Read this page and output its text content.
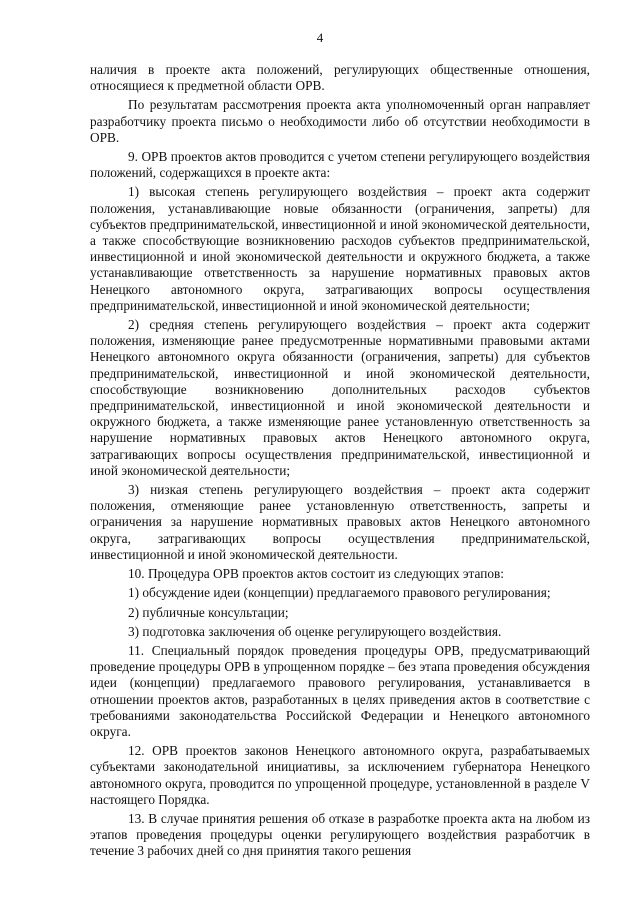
4

наличия в проекте акта положений, регулирующих общественные отношения, относящиеся к предметной области ОРВ.

По результатам рассмотрения проекта акта уполномоченный орган направляет разработчику проекта письмо о необходимости либо об отсутствии необходимости в ОРВ.

9. ОРВ проектов актов проводится с учетом степени регулирующего воздействия положений, содержащихся в проекте акта:

1) высокая степень регулирующего воздействия – проект акта содержит положения, устанавливающие новые обязанности (ограничения, запреты) для субъектов предпринимательской, инвестиционной и иной экономической деятельности, а также способствующие возникновению расходов субъектов предпринимательской, инвестиционной и иной экономической деятельности и окружного бюджета, а также устанавливающие ответственность за нарушение нормативных правовых актов Ненецкого автономного округа, затрагивающих вопросы осуществления предпринимательской, инвестиционной и иной экономической деятельности;

2) средняя степень регулирующего воздействия – проект акта содержит положения, изменяющие ранее предусмотренные нормативными правовыми актами Ненецкого автономного округа обязанности (ограничения, запреты) для субъектов предпринимательской, инвестиционной и иной экономической деятельности, способствующие возникновению дополнительных расходов субъектов предпринимательской, инвестиционной и иной экономической деятельности и окружного бюджета, а также изменяющие ранее установленную ответственность за нарушение нормативных правовых актов Ненецкого автономного округа, затрагивающих вопросы осуществления предпринимательской, инвестиционной и иной экономической деятельности;

3) низкая степень регулирующего воздействия – проект акта содержит положения, отменяющие ранее установленную ответственность, запреты и ограничения за нарушение нормативных правовых актов Ненецкого автономного округа, затрагивающих вопросы осуществления предпринимательской, инвестиционной и иной экономической деятельности.

10. Процедура ОРВ проектов актов состоит из следующих этапов:

1) обсуждение идеи (концепции) предлагаемого правового регулирования;

2) публичные консультации;

3) подготовка заключения об оценке регулирующего воздействия.

11. Специальный порядок проведения процедуры ОРВ, предусматривающий проведение процедуры ОРВ в упрощенном порядке – без этапа проведения обсуждения идеи (концепции) предлагаемого правового регулирования, устанавливается в отношении проектов актов, разработанных в целях приведения актов в соответствие с требованиями законодательства Российской Федерации и Ненецкого автономного округа.

12. ОРВ проектов законов Ненецкого автономного округа, разрабатываемых субъектами законодательной инициативы, за исключением губернатора Ненецкого автономного округа, проводится по упрощенной процедуре, установленной в разделе V настоящего Порядка.

13. В случае принятия решения об отказе в разработке проекта акта на любом из этапов проведения процедуры оценки регулирующего воздействия разработчик в течение 3 рабочих дней со дня принятия такого решения
